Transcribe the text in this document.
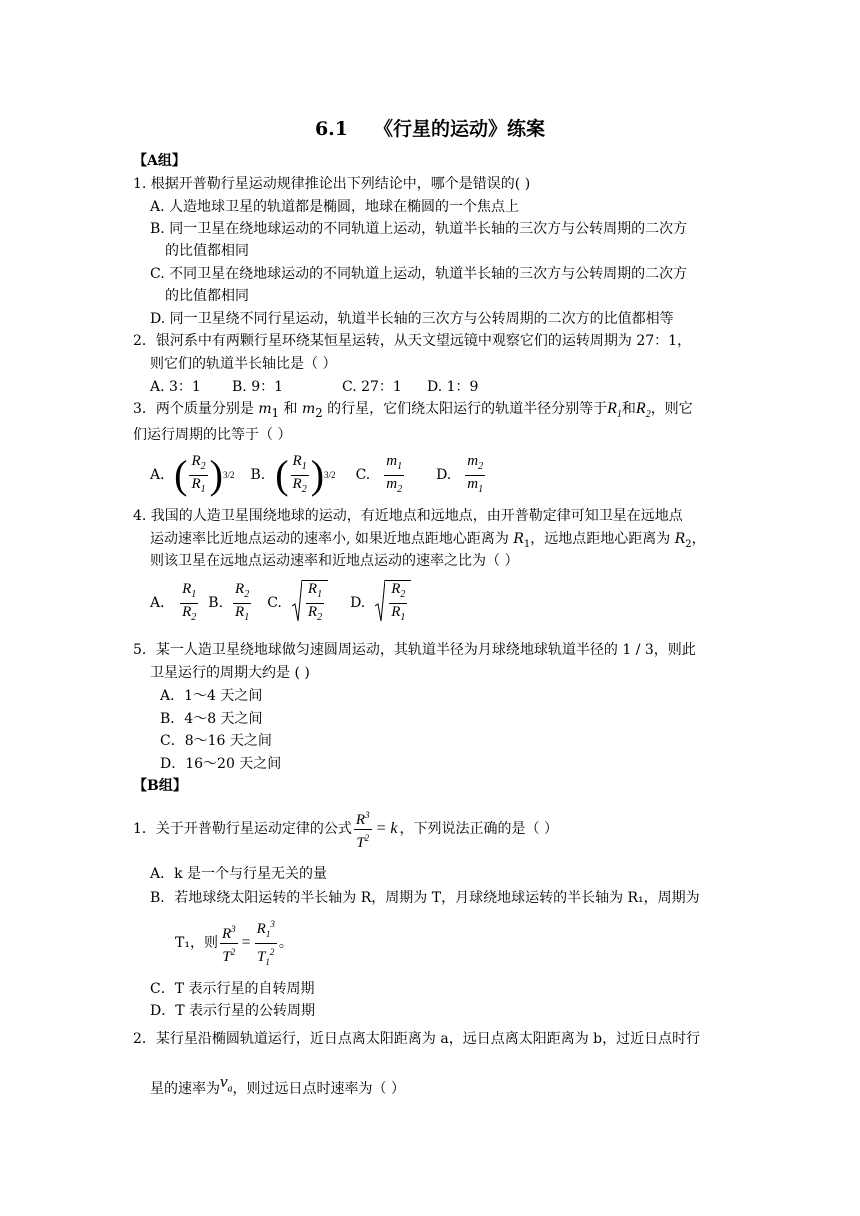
6.1 《行星的运动》练案
【A组】
1. 根据开普勒行星运动规律推论出下列结论中，哪个是错误的( )
A. 人造地球卫星的轨道都是椭圆，地球在椭圆的一个焦点上
B. 同一卫星在绕地球运动的不同轨道上运动，轨道半长轴的三次方与公转周期的二次方
的比值都相同
C. 不同卫星在绕地球运动的不同轨道上运动，轨道半长轴的三次方与公转周期的二次方
的比值都相同
D. 同一卫星绕不同行星运动，轨道半长轴的三次方与公转周期的二次方的比值都相等
2．银河系中有两颗行星环绕某恒星运转，从天文望远镜中观察它们的运转周期为 27：1，
则它们的轨道半长轴比是（ ）
A. 3：1 B. 9：1	C. 27：1 D. 1：9
3．两个质量分别是 $m_1$ 和 $m_2$ 的行星，它们绕太阳运行的轨道半径分别等于$R_1$和$R_2$，则它
们运行周期的比等于（ ）
A． ( $\frac{R_2}{R_1}$ ) 3/2 B. ( $\frac{R_1}{R_2}$ ) 3/2 C. $\frac{m_1}{m_2} D$. $\frac{m_2}{m_1}$
4. 我国的人造卫星围绕地球的运动，有近地点和远地点，由开普勒定律可知卫星在远地点
运动速率比近地点运动的速率小, 如果近地点距地心距离为 $R_1$，远地点距地心距离为 $R_2$，
则该卫星在远地点运动速率和近地点运动的速率之比为（ ）
A． $\frac{R_1}{R_2} B$. $\frac{R_2}{R_1} C$. $\frac{R_1}{R_2} D$. $\frac{R_2}{R_1}$
5．某一人造卫星绕地球做匀速圆周运动，其轨道半径为月球绕地球轨道半径的 1 / 3，则此
卫星运行的周期大约是 ( )
A．1～4 天之间
B．4～8 天之间
C．8～16 天之间
D．16～20 天之间
【B组】
1．关于开普勒行星运动定律的公式 $\frac{R^3}{T^2} = k$ ，下列说法正确的是（ ）
A．k 是一个与行星无关的量
B．若地球绕太阳运转的半长轴为 R，周期为 T，月球绕地球运转的半长轴为 R₁，周期为
T₁，则 $\frac{R^3}{T^2} = \frac{R_1^3}{T_1^2}$ 。
C．T 表示行星的自转周期
D．T 表示行星的公转周期
2．某行星沿椭圆轨道运行，近日点离太阳距离为 a，远日点离太阳距离为 b，过近日点时行
星的速率为$v_a$，则过远日点时速率为（ ）
